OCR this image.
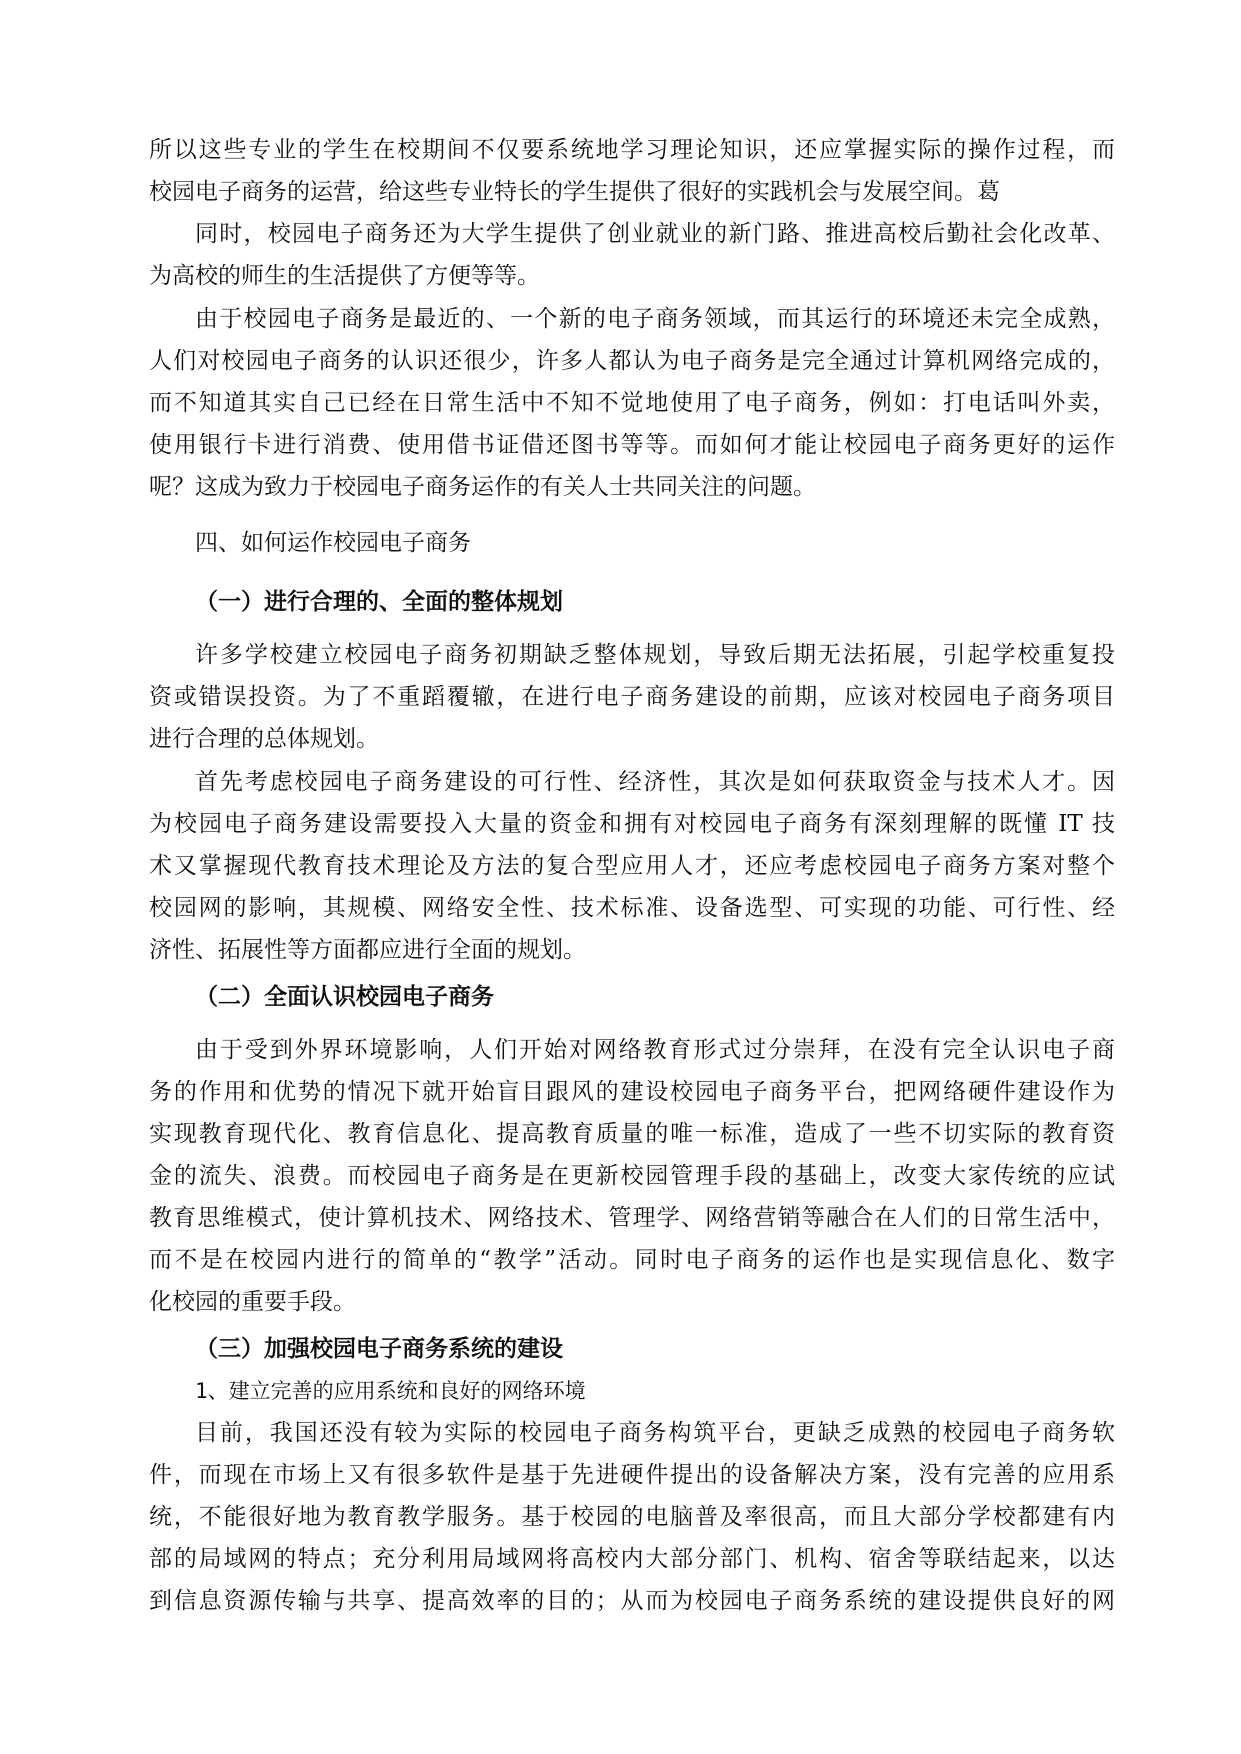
所以这些专业的学生在校期间不仅要系统地学习理论知识，还应掌握实际的操作过程，而
校园电子商务的运营，给这些专业特长的学生提供了很好的实践机会与发展空间。葛
同时，校园电子商务还为大学生提供了创业就业的新门路、推进高校后勤社会化改革、
为高校的师生的生活提供了方便等等。
由于校园电子商务是最近的、一个新的电子商务领域，而其运行的环境还未完全成熟，
人们对校园电子商务的认识还很少，许多人都认为电子商务是完全通过计算机网络完成的，
而不知道其实自己已经在日常生活中不知不觉地使用了电子商务，例如：打电话叫外卖，
使用银行卡进行消费、使用借书证借还图书等等。而如何才能让校园电子商务更好的运作
呢？这成为致力于校园电子商务运作的有关人士共同关注的问题。
四、如何运作校园电子商务
（一）进行合理的、全面的整体规划
许多学校建立校园电子商务初期缺乏整体规划，导致后期无法拓展，引起学校重复投
资或错误投资。为了不重蹈覆辙，在进行电子商务建设的前期，应该对校园电子商务项目
进行合理的总体规划。
首先考虑校园电子商务建设的可行性、经济性，其次是如何获取资金与技术人才。因
为校园电子商务建设需要投入大量的资金和拥有对校园电子商务有深刻理解的既懂 IT 技
术又掌握现代教育技术理论及方法的复合型应用人才，还应考虑校园电子商务方案对整个
校园网的影响，其规模、网络安全性、技术标准、设备选型、可实现的功能、可行性、经
济性、拓展性等方面都应进行全面的规划。
（二）全面认识校园电子商务
由于受到外界环境影响，人们开始对网络教育形式过分崇拜，在没有完全认识电子商
务的作用和优势的情况下就开始盲目跟风的建设校园电子商务平台，把网络硬件建设作为
实现教育现代化、教育信息化、提高教育质量的唯一标准，造成了一些不切实际的教育资
金的流失、浪费。而校园电子商务是在更新校园管理手段的基础上，改变大家传统的应试
教育思维模式，使计算机技术、网络技术、管理学、网络营销等融合在人们的日常生活中，
而不是在校园内进行的简单的“教学”活动。同时电子商务的运作也是实现信息化、数字
化校园的重要手段。
（三）加强校园电子商务系统的建设
1、建立完善的应用系统和良好的网络环境
目前，我国还没有较为实际的校园电子商务构筑平台，更缺乏成熟的校园电子商务软
件，而现在市场上又有很多软件是基于先进硬件提出的设备解决方案，没有完善的应用系
统，不能很好地为教育教学服务。基于校园的电脑普及率很高，而且大部分学校都建有内
部的局域网的特点；充分利用局域网将高校内大部分部门、机构、宿舍等联结起来，以达
到信息资源传输与共享、提高效率的目的；从而为校园电子商务系统的建设提供良好的网
